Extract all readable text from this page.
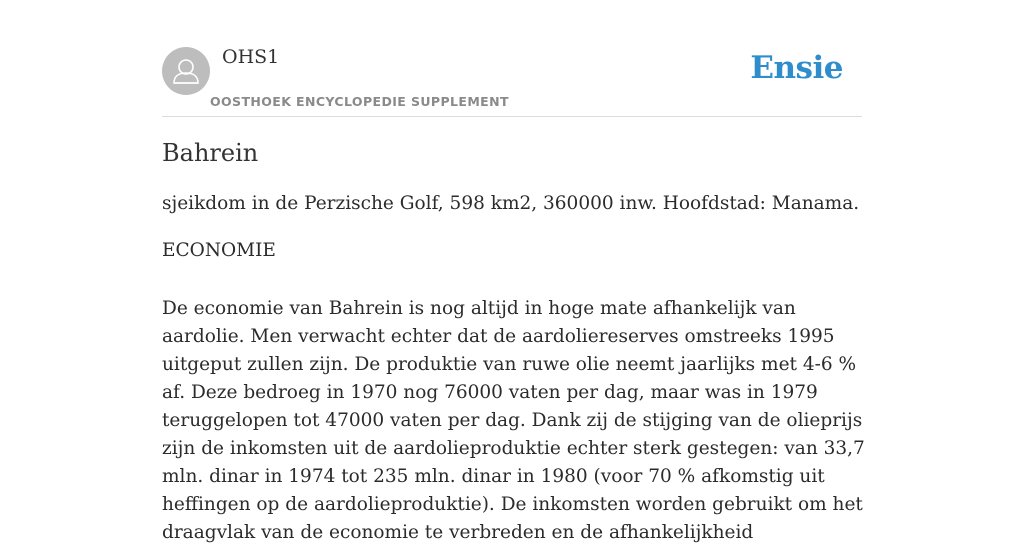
OHS1
OOSTHOEK ENCYCLOPEDIE SUPPLEMENT
Ensie
Bahrein

sjeikdom in de Perzische Golf, 598 km2, 360000 inw. Hoofdstad: Manama.

ECONOMIE

De economie van Bahrein is nog altijd in hoge mate afhankelijk van aardolie. Men verwacht echter dat de aardoliereserves omstreeks 1995 uitgeput zullen zijn. De produktie van ruwe olie neemt jaarlijks met 4-6 % af. Deze bedroeg in 1970 nog 76000 vaten per dag, maar was in 1979 teruggelopen tot 47000 vaten per dag. Dank zij de stijging van de olieprijs zijn de inkomsten uit de aardolieproduktie echter sterk gestegen: van 33,7 mln. dinar in 1974 tot 235 mln. dinar in 1980 (voor 70 % afkomstig uit heffingen op de aardolieproduktie). De inkomsten worden gebruikt om het draagvlak van de economie te verbreden en de afhankelijkheid
